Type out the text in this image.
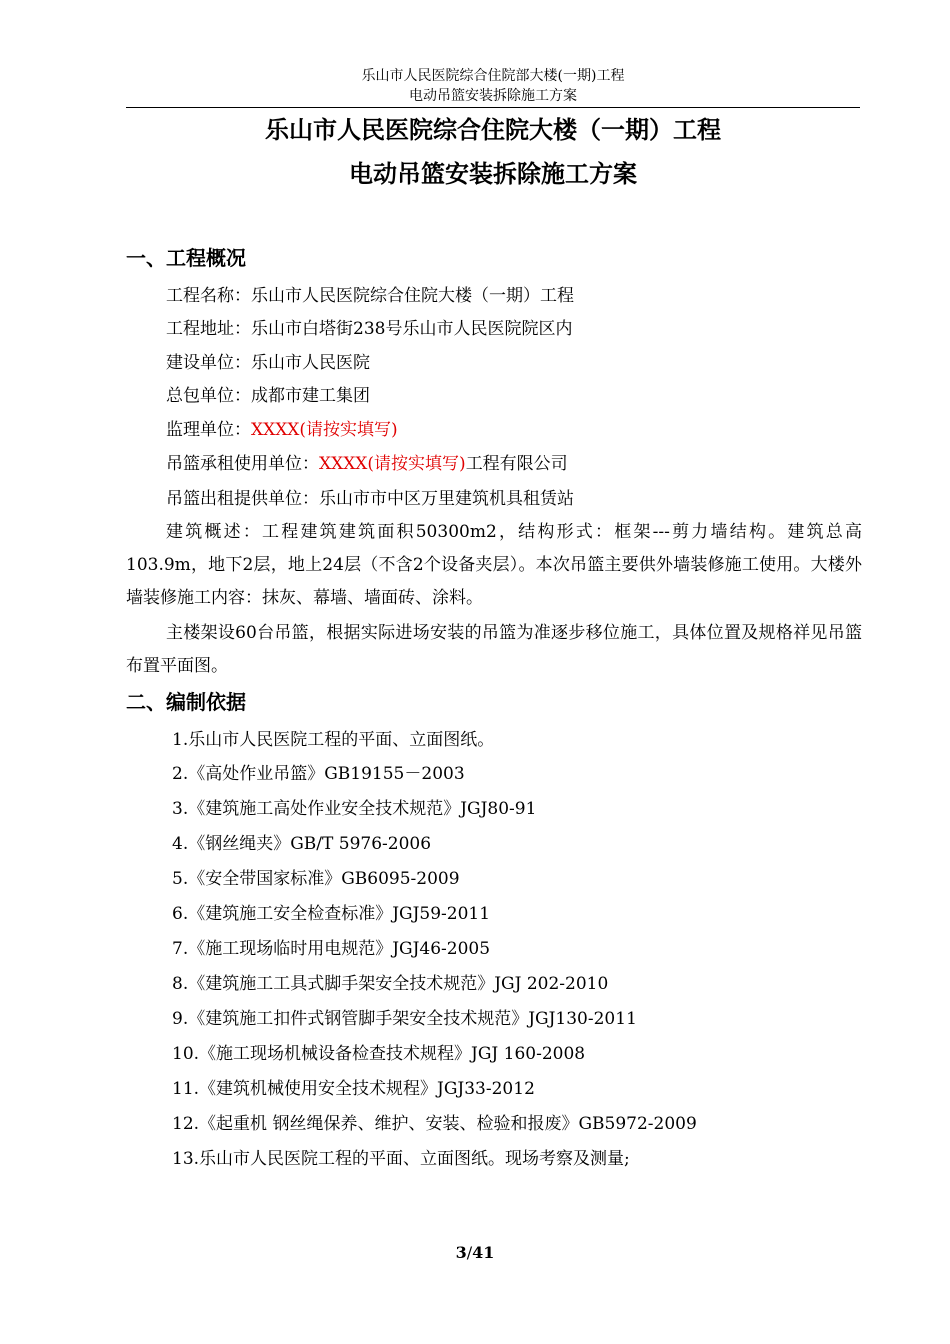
乐山市人民医院综合住院部大楼(一期)工程
电动吊篮安装拆除施工方案
乐山市人民医院综合住院大楼（一期）工程
电动吊篮安装拆除施工方案
一、工程概况
工程名称：乐山市人民医院综合住院大楼（一期）工程
工程地址：乐山市白塔街238号乐山市人民医院院区内
建设单位：乐山市人民医院
总包单位：成都市建工集团
监理单位：XXXX(请按实填写)
吊篮承租使用单位：XXXX(请按实填写)工程有限公司
吊篮出租提供单位：乐山市市中区万里建筑机具租赁站
建筑概述：工程建筑建筑面积50300m2，结构形式：框架---剪力墙结构。建筑总高103.9m，地下2层，地上24层（不含2个设备夹层）。本次吊篮主要供外墙装修施工使用。大楼外墙装修施工内容：抹灰、幕墙、墙面砖、涂料。
主楼架设60台吊篮，根据实际进场安装的吊篮为准逐步移位施工，具体位置及规格祥见吊篮布置平面图。
二、编制依据
1.乐山市人民医院工程的平面、立面图纸。
2.《高处作业吊篮》GB19155－2003
3.《建筑施工高处作业安全技术规范》JGJ80-91
4.《钢丝绳夹》GB/T 5976-2006
5.《安全带国家标准》GB6095-2009
6.《建筑施工安全检查标准》JGJ59-2011
7.《施工现场临时用电规范》JGJ46-2005
8.《建筑施工工具式脚手架安全技术规范》JGJ 202-2010
9.《建筑施工扣件式钢管脚手架安全技术规范》JGJ130-2011
10.《施工现场机械设备检查技术规程》JGJ 160-2008
11.《建筑机械使用安全技术规程》JGJ33-2012
12.《起重机 钢丝绳保养、维护、安装、检验和报废》GB5972-2009
13.乐山市人民医院工程的平面、立面图纸。现场考察及测量;
3/41
